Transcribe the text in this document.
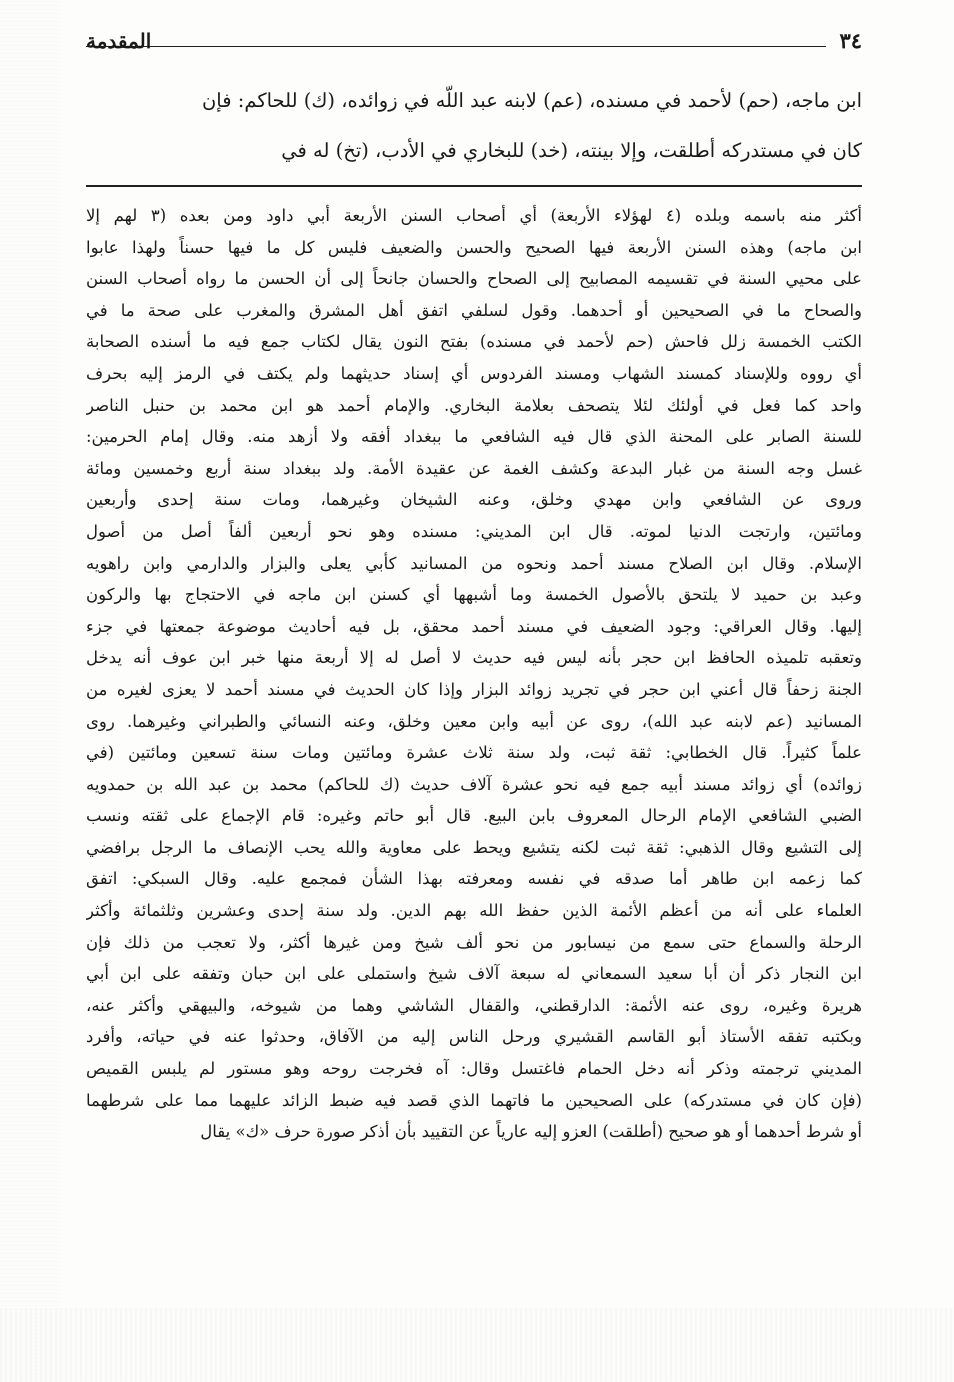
٣٤
المقدمة
ابن ماجه، (حم) لأحمد في مسنده، (عم) لابنه عبد اللّه في زوائده، (ك) للحاكم: فإن
كان في مستدركه أطلقت، وإلا بينته، (خد) للبخاري في الأدب، (تخ) له في
أكثر منه باسمه وبلده (٤ لهؤلاء الأربعة) أي أصحاب السنن الأربعة أبي داود ومن بعده (٣ لهم إلا
ابن ماجه) وهذه السنن الأربعة فيها الصحيح والحسن والضعيف فليس كل ما فيها حسناً ولهذا عابوا
على محيي السنة في تقسيمه المصابيح إلى الصحاح والحسان جانحاً إلى أن الحسن ما رواه أصحاب السنن
والصحاح ما في الصحيحين أو أحدهما. وقول لسلفي اتفق أهل المشرق والمغرب على صحة ما في
الكتب الخمسة زلل فاحش (حم لأحمد في مسنده) بفتح النون يقال لكتاب جمع فيه ما أسنده الصحابة
أي رووه وللإسناد كمسند الشهاب ومسند الفردوس أي إسناد حديثهما ولم يكتف في الرمز إليه بحرف
واحد كما فعل في أولئك لئلا يتصحف بعلامة البخاري. والإمام أحمد هو ابن محمد بن حنبل الناصر
للسنة الصابر على المحنة الذي قال فيه الشافعي ما ببغداد أفقه ولا أزهد منه. وقال إمام الحرمين:
غسل وجه السنة من غبار البدعة وكشف الغمة عن عقيدة الأمة. ولد ببغداد سنة أربع وخمسين ومائة
وروى عن الشافعي وابن مهدي وخلق، وعنه الشيخان وغيرهما، ومات سنة إحدى وأربعين
ومائتين، وارتجت الدنيا لموته. قال ابن المديني: مسنده وهو نحو أربعين ألفاً أصل من أصول
الإسلام. وقال ابن الصلاح مسند أحمد ونحوه من المسانيد كأبي يعلى والبزار والدارمي وابن راهويه
وعبد بن حميد لا يلتحق بالأصول الخمسة وما أشبهها أي كسنن ابن ماجه في الاحتجاج بها والركون
إليها. وقال العراقي: وجود الضعيف في مسند أحمد محقق، بل فيه أحاديث موضوعة جمعتها في جزء
وتعقبه تلميذه الحافظ ابن حجر بأنه ليس فيه حديث لا أصل له إلا أربعة منها خبر ابن عوف أنه يدخل
الجنة زحفاً قال أعني ابن حجر في تجريد زوائد البزار وإذا كان الحديث في مسند أحمد لا يعزى لغيره من
المسانيد (عم لابنه عبد الله)، روى عن أبيه وابن معين وخلق، وعنه النسائي والطبراني وغيرهما. روى
علماً كثيراً. قال الخطابي: ثقة ثبت، ولد سنة ثلاث عشرة ومائتين ومات سنة تسعين ومائتين (في
زوائده) أي زوائد مسند أبيه جمع فيه نحو عشرة آلاف حديث (ك للحاكم) محمد بن عبد الله بن حمدويه
الضبي الشافعي الإمام الرحال المعروف بابن البيع. قال أبو حاتم وغيره: قام الإجماع على ثقته ونسب
إلى التشيع وقال الذهبي: ثقة ثبت لكنه يتشيع ويحط على معاوية والله يحب الإنصاف ما الرجل برافضي
كما زعمه ابن طاهر أما صدقه في نفسه ومعرفته بهذا الشأن فمجمع عليه. وقال السبكي: اتفق
العلماء على أنه من أعظم الأئمة الذين حفظ الله بهم الدين. ولد سنة إحدى وعشرين وثلثمائة وأكثر
الرحلة والسماع حتى سمع من نيسابور من نحو ألف شيخ ومن غيرها أكثر، ولا تعجب من ذلك فإن
ابن النجار ذكر أن أبا سعيد السمعاني له سبعة آلاف شيخ واستملى على ابن حبان وتفقه على ابن أبي
هريرة وغيره، روى عنه الأئمة: الدارقطني، والقفال الشاشي وهما من شيوخه، والبيهقي وأكثر عنه،
وبكتبه تفقه الأستاذ أبو القاسم القشيري ورحل الناس إليه من الآفاق، وحدثوا عنه في حياته، وأفرد
المديني ترجمته وذكر أنه دخل الحمام فاغتسل وقال: آه فخرجت روحه وهو مستور لم يلبس القميص
(فإن كان في مستدركه) على الصحيحين ما فاتهما الذي قصد فيه ضبط الزائد عليهما مما على شرطهما
أو شرط أحدهما أو هو صحيح (أطلقت) العزو إليه عارياً عن التقييد بأن أذكر صورة حرف «ك» يقال
